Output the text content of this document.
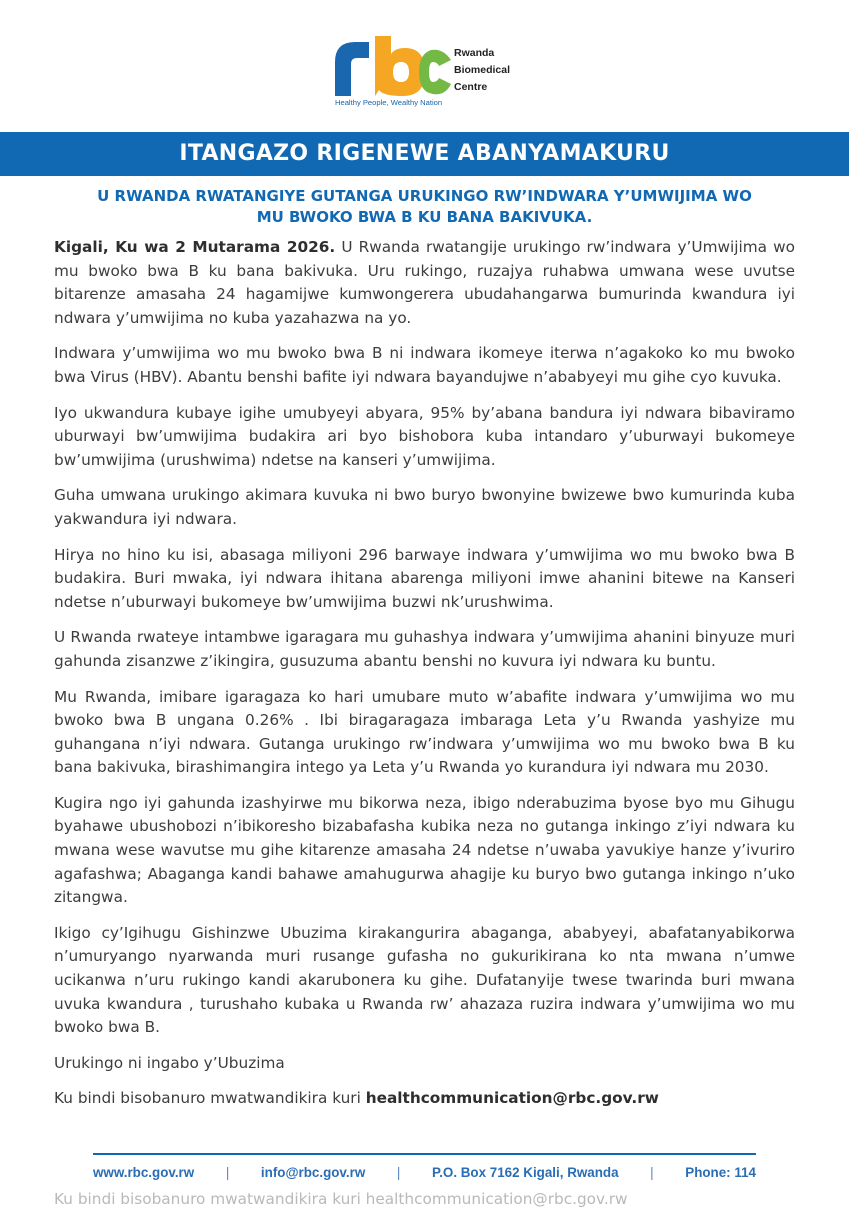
Rwanda
Biomedical
Centre
Healthy People, Wealthy Nation
ITANGAZO RIGENEWE ABANYAMAKURU
U RWANDA RWATANGIYE GUTANGA URUKINGO RW’INDWARA Y’UMWIJIMA WO
MU BWOKO BWA B KU BANA BAKIVUKA.

Kigali, Ku wa 2 Mutarama 2026. U Rwanda rwatangije urukingo rw’indwara y’Umwijima wo mu bwoko bwa B ku bana bakivuka. Uru rukingo, ruzajya ruhabwa umwana wese uvutse bitarenze amasaha 24 hagamijwe kumwongerera ubudahangarwa bumurinda kwandura iyi ndwara y’umwijima no kuba yazahazwa na yo.

Indwara y’umwijima wo mu bwoko bwa B ni indwara ikomeye iterwa n’agakoko ko mu bwoko bwa Virus (HBV). Abantu benshi bafite iyi ndwara bayandujwe n’ababyeyi mu gihe cyo kuvuka.

Iyo ukwandura kubaye igihe umubyeyi abyara, 95% by’abana bandura iyi ndwara bibaviramo uburwayi bw’umwijima budakira ari byo bishobora kuba intandaro y’uburwayi bukomeye bw’umwijima (urushwima) ndetse na kanseri y’umwijima.

Guha umwana urukingo akimara kuvuka ni bwo buryo bwonyine bwizewe bwo kumurinda kuba yakwandura iyi ndwara.

Hirya no hino ku isi, abasaga miliyoni 296 barwaye indwara y’umwijima wo mu bwoko bwa B budakira. Buri mwaka, iyi ndwara ihitana abarenga miliyoni imwe ahanini bitewe na Kanseri ndetse n’uburwayi bukomeye bw’umwijima buzwi nk’urushwima.

U Rwanda rwateye intambwe igaragara mu guhashya indwara y’umwijima ahanini binyuze muri gahunda zisanzwe z’ikingira, gusuzuma abantu benshi no kuvura iyi ndwara ku buntu.

Mu Rwanda, imibare igaragaza ko hari umubare muto w’abafite indwara y’umwijima wo mu bwoko bwa B ungana 0.26% . Ibi biragaragaza imbaraga Leta y’u Rwanda yashyize mu guhangana n’iyi ndwara. Gutanga urukingo rw’indwara y’umwijima wo mu bwoko bwa B ku bana bakivuka, birashimangira intego ya Leta y’u Rwanda yo kurandura iyi ndwara mu 2030.

Kugira ngo iyi gahunda izashyirwe mu bikorwa neza, ibigo nderabuzima byose byo mu Gihugu byahawe ubushobozi n’ibikoresho bizabafasha kubika neza no gutanga inkingo z’iyi ndwara ku mwana wese wavutse mu gihe kitarenze amasaha 24 ndetse n’uwaba yavukiye hanze y’ivuriro agafashwa; Abaganga kandi bahawe amahugurwa ahagije ku buryo bwo gutanga inkingo n’uko zitangwa.

Ikigo cy’Igihugu Gishinzwe Ubuzima kirakangurira abaganga, ababyeyi, abafatanyabikorwa n’umuryango nyarwanda muri rusange gufasha no gukurikirana ko nta mwana n’umwe ucikanwa n’uru rukingo kandi akarubonera ku gihe. Dufatanyije twese twarinda buri mwana uvuka kwandura , turushaho kubaka u Rwanda rw’ ahazaza ruzira indwara y’umwijima wo mu bwoko bwa B.

Urukingo ni ingabo y’Ubuzima

Ku bindi bisobanuro mwatwandikira kuri healthcommunication@rbc.gov.rw

www.rbc.gov.rw | info@rbc.gov.rw | P.O. Box 7162 Kigali, Rwanda | Phone: 114
Ku bindi bisobanuro mwatwandikira kuri healthcommunication@rbc.gov.rw
